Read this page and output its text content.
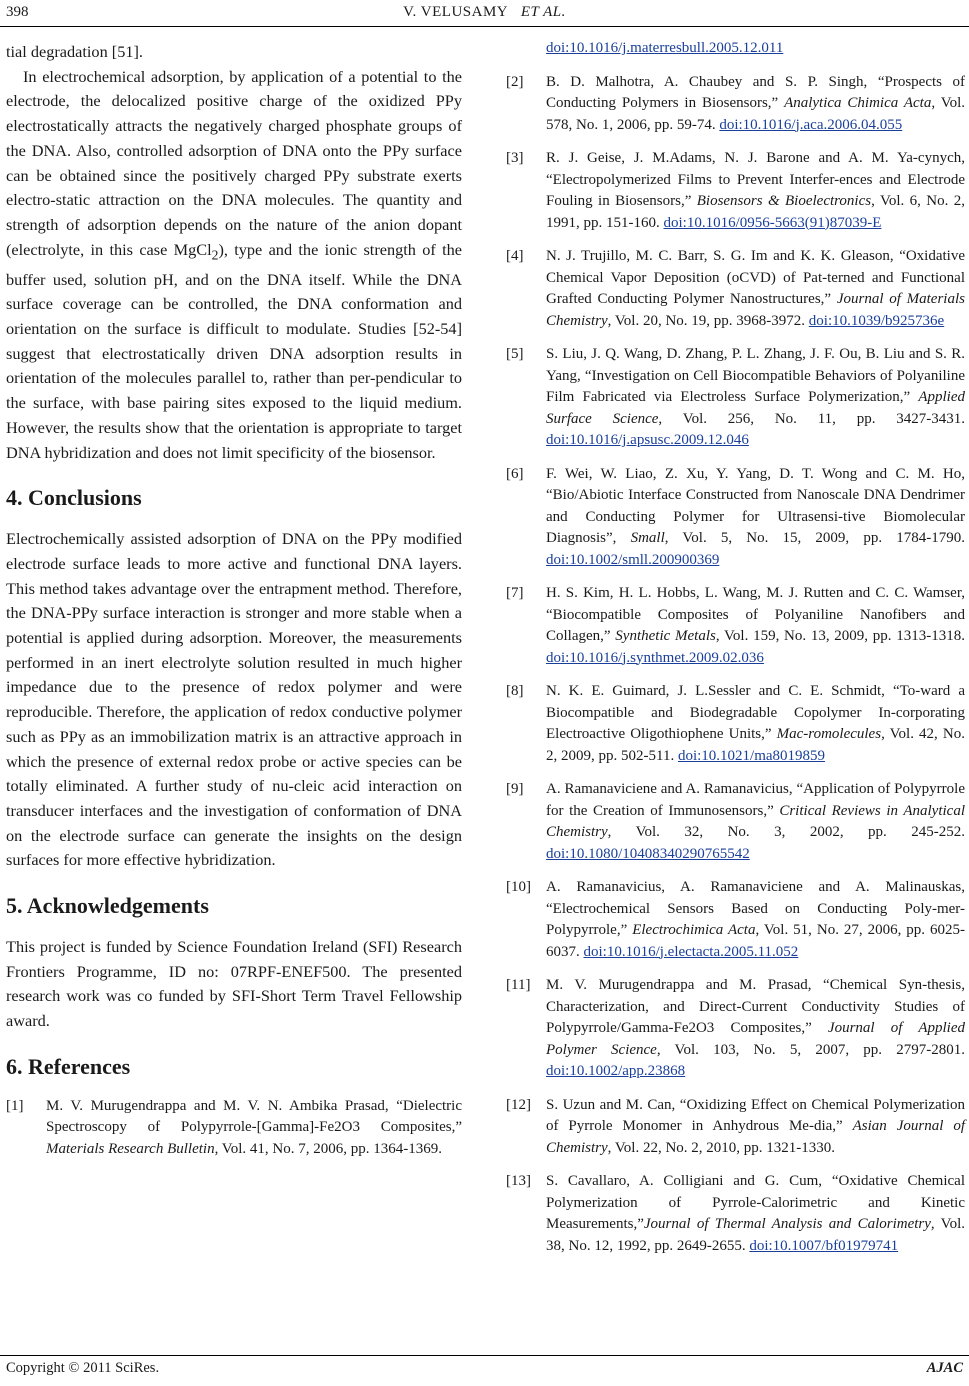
398	V. VELUSAMY ET AL.

tial degradation [51].

In electrochemical adsorption, by application of a potential to the electrode, the delocalized positive charge of the oxidized PPy electrostatically attracts the negatively charged phosphate groups of the DNA. Also, controlled adsorption of DNA onto the PPy surface can be obtained since the positively charged PPy substrate exerts electro-static attraction on the DNA molecules. The quantity and strength of adsorption depends on the nature of the anion dopant (electrolyte, in this case MgCl$_2$), type and the ionic strength of the buffer used, solution pH, and on the DNA itself. While the DNA surface coverage can be controlled, the DNA conformation and orientation on the surface is difficult to modulate. Studies [52-54] suggest that electrostatically driven DNA adsorption results in orientation of the molecules parallel to, rather than per-pendicular to the surface, with base pairing sites exposed to the liquid medium. However, the results show that the orientation is appropriate to target DNA hybridization and does not limit specificity of the biosensor.

4. Conclusions

Electrochemically assisted adsorption of DNA on the PPy modified electrode surface leads to more active and functional DNA layers. This method takes advantage over the entrapment method. Therefore, the DNA-PPy surface interaction is stronger and more stable when a potential is applied during adsorption. Moreover, the measurements performed in an inert electrolyte solution resulted in much higher impedance due to the presence of redox polymer and were reproducible. Therefore, the application of redox conductive polymer such as PPy as an immobilization matrix is an attractive approach in which the presence of external redox probe or active species can be totally eliminated. A further study of nu-cleic acid interaction on transducer interfaces and the investigation of conformation of DNA on the electrode surface can generate the insights on the design surfaces for more effective hybridization.

5. Acknowledgements

This project is funded by Science Foundation Ireland (SFI) Research Frontiers Programme, ID no: 07RPF-ENEF500. The presented research work was co funded by SFI-Short Term Travel Fellowship award.

6. References
[1] M. V. Murugendrappa and M. V. N. Ambika Prasad, “Dielectric Spectroscopy of Polypyrrole-[Gamma]-Fe2O3 Composites,” Materials Research Bulletin, Vol. 41, No. 7, 2006, pp. 1364-1369.
doi:10.1016/j.materresbull.2005.12.011
[2] B. D. Malhotra, A. Chaubey and S. P. Singh, “Prospects of Conducting Polymers in Biosensors,” Analytica Chimica Acta, Vol. 578, No. 1, 2006, pp. 59-74. doi:10.1016/j.aca.2006.04.055
[3] R. J. Geise, J. M.Adams, N. J. Barone and A. M. Ya-cynych, “Electropolymerized Films to Prevent Interfer-ences and Electrode Fouling in Biosensors,” Biosensors & Bioelectronics, Vol. 6, No. 2, 1991, pp. 151-160. doi:10.1016/0956-5663(91)87039-E
[4] N. J. Trujillo, M. C. Barr, S. G. Im and K. K. Gleason, “Oxidative Chemical Vapor Deposition (oCVD) of Pat-terned and Functional Grafted Conducting Polymer Nanostructures,” Journal of Materials Chemistry, Vol. 20, No. 19, pp. 3968-3972. doi:10.1039/b925736e
[5] S. Liu, J. Q. Wang, D. Zhang, P. L. Zhang, J. F. Ou, B. Liu and S. R. Yang, “Investigation on Cell Biocompatible Behaviors of Polyaniline Film Fabricated via Electroless Surface Polymerization,” Applied Surface Science, Vol. 256, No. 11, pp. 3427-3431. doi:10.1016/j.apsusc.2009.12.046
[6] F. Wei, W. Liao, Z. Xu, Y. Yang, D. T. Wong and C. M. Ho, “Bio/Abiotic Interface Constructed from Nanoscale DNA Dendrimer and Conducting Polymer for Ultrasensi-tive Biomolecular Diagnosis”, Small, Vol. 5, No. 15, 2009, pp. 1784-1790. doi:10.1002/smll.200900369
[7] H. S. Kim, H. L. Hobbs, L. Wang, M. J. Rutten and C. C. Wamser, “Biocompatible Composites of Polyaniline Nanofibers and Collagen,” Synthetic Metals, Vol. 159, No. 13, 2009, pp. 1313-1318. doi:10.1016/j.synthmet.2009.02.036
[8] N. K. E. Guimard, J. L.Sessler and C. E. Schmidt, “To-ward a Biocompatible and Biodegradable Copolymer In-corporating Electroactive Oligothiophene Units,” Mac-romolecules, Vol. 42, No. 2, 2009, pp. 502-511. doi:10.1021/ma8019859
[9] A. Ramanaviciene and A. Ramanavicius, “Application of Polypyrrole for the Creation of Immunosensors,” Critical Reviews in Analytical Chemistry, Vol. 32, No. 3, 2002, pp. 245-252. doi:10.1080/10408340290765542
[10] A. Ramanavicius, A. Ramanaviciene and A. Malinauskas, “Electrochemical Sensors Based on Conducting Poly-mer-Polypyrrole,” Electrochimica Acta, Vol. 51, No. 27, 2006, pp. 6025-6037. doi:10.1016/j.electacta.2005.11.052
[11] M. V. Murugendrappa and M. Prasad, “Chemical Syn-thesis, Characterization, and Direct-Current Conductivity Studies of Polypyrrole/Gamma-Fe2O3 Composites,” Journal of Applied Polymer Science, Vol. 103, No. 5, 2007, pp. 2797-2801. doi:10.1002/app.23868
[12] S. Uzun and M. Can, “Oxidizing Effect on Chemical Polymerization of Pyrrole Monomer in Anhydrous Me-dia,” Asian Journal of Chemistry, Vol. 22, No. 2, 2010, pp. 1321-1330.
[13] S. Cavallaro, A. Colligiani and G. Cum, “Oxidative Chemical Polymerization of Pyrrole-Calorimetric and Kinetic Measurements,”Journal of Thermal Analysis and Calorimetry, Vol. 38, No. 12, 1992, pp. 2649-2655. doi:10.1007/bf01979741
Copyright © 2011 SciRes.	AJAC
